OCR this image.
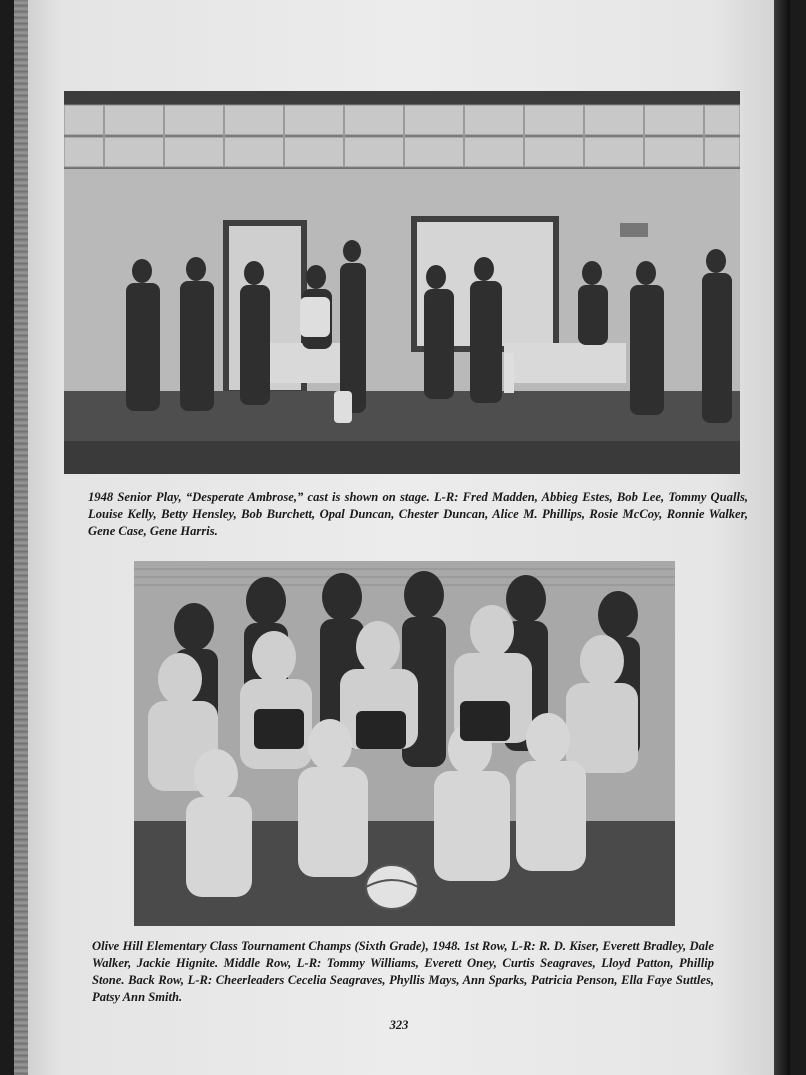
1948 Senior Play, “Desperate Ambrose,” cast is shown on stage. L-R: Fred Madden, Abbieg Estes, Bob Lee, Tommy Qualls, Louise Kelly, Betty Hensley, Bob Burchett, Opal Duncan, Chester Duncan, Alice M. Phillips, Rosie McCoy, Ronnie Walker, Gene Case, Gene Harris.

Olive Hill Elementary Class Tournament Champs (Sixth Grade), 1948. 1st Row, L-R: R. D. Kiser, Everett Bradley, Dale Walker, Jackie Hignite. Middle Row, L-R: Tommy Williams, Everett Oney, Curtis Seagraves, Lloyd Patton, Phillip Stone. Back Row, L-R: Cheerleaders Cecelia Seagraves, Phyllis Mays, Ann Sparks, Patricia Penson, Ella Faye Suttles, Patsy Ann Smith.

323
